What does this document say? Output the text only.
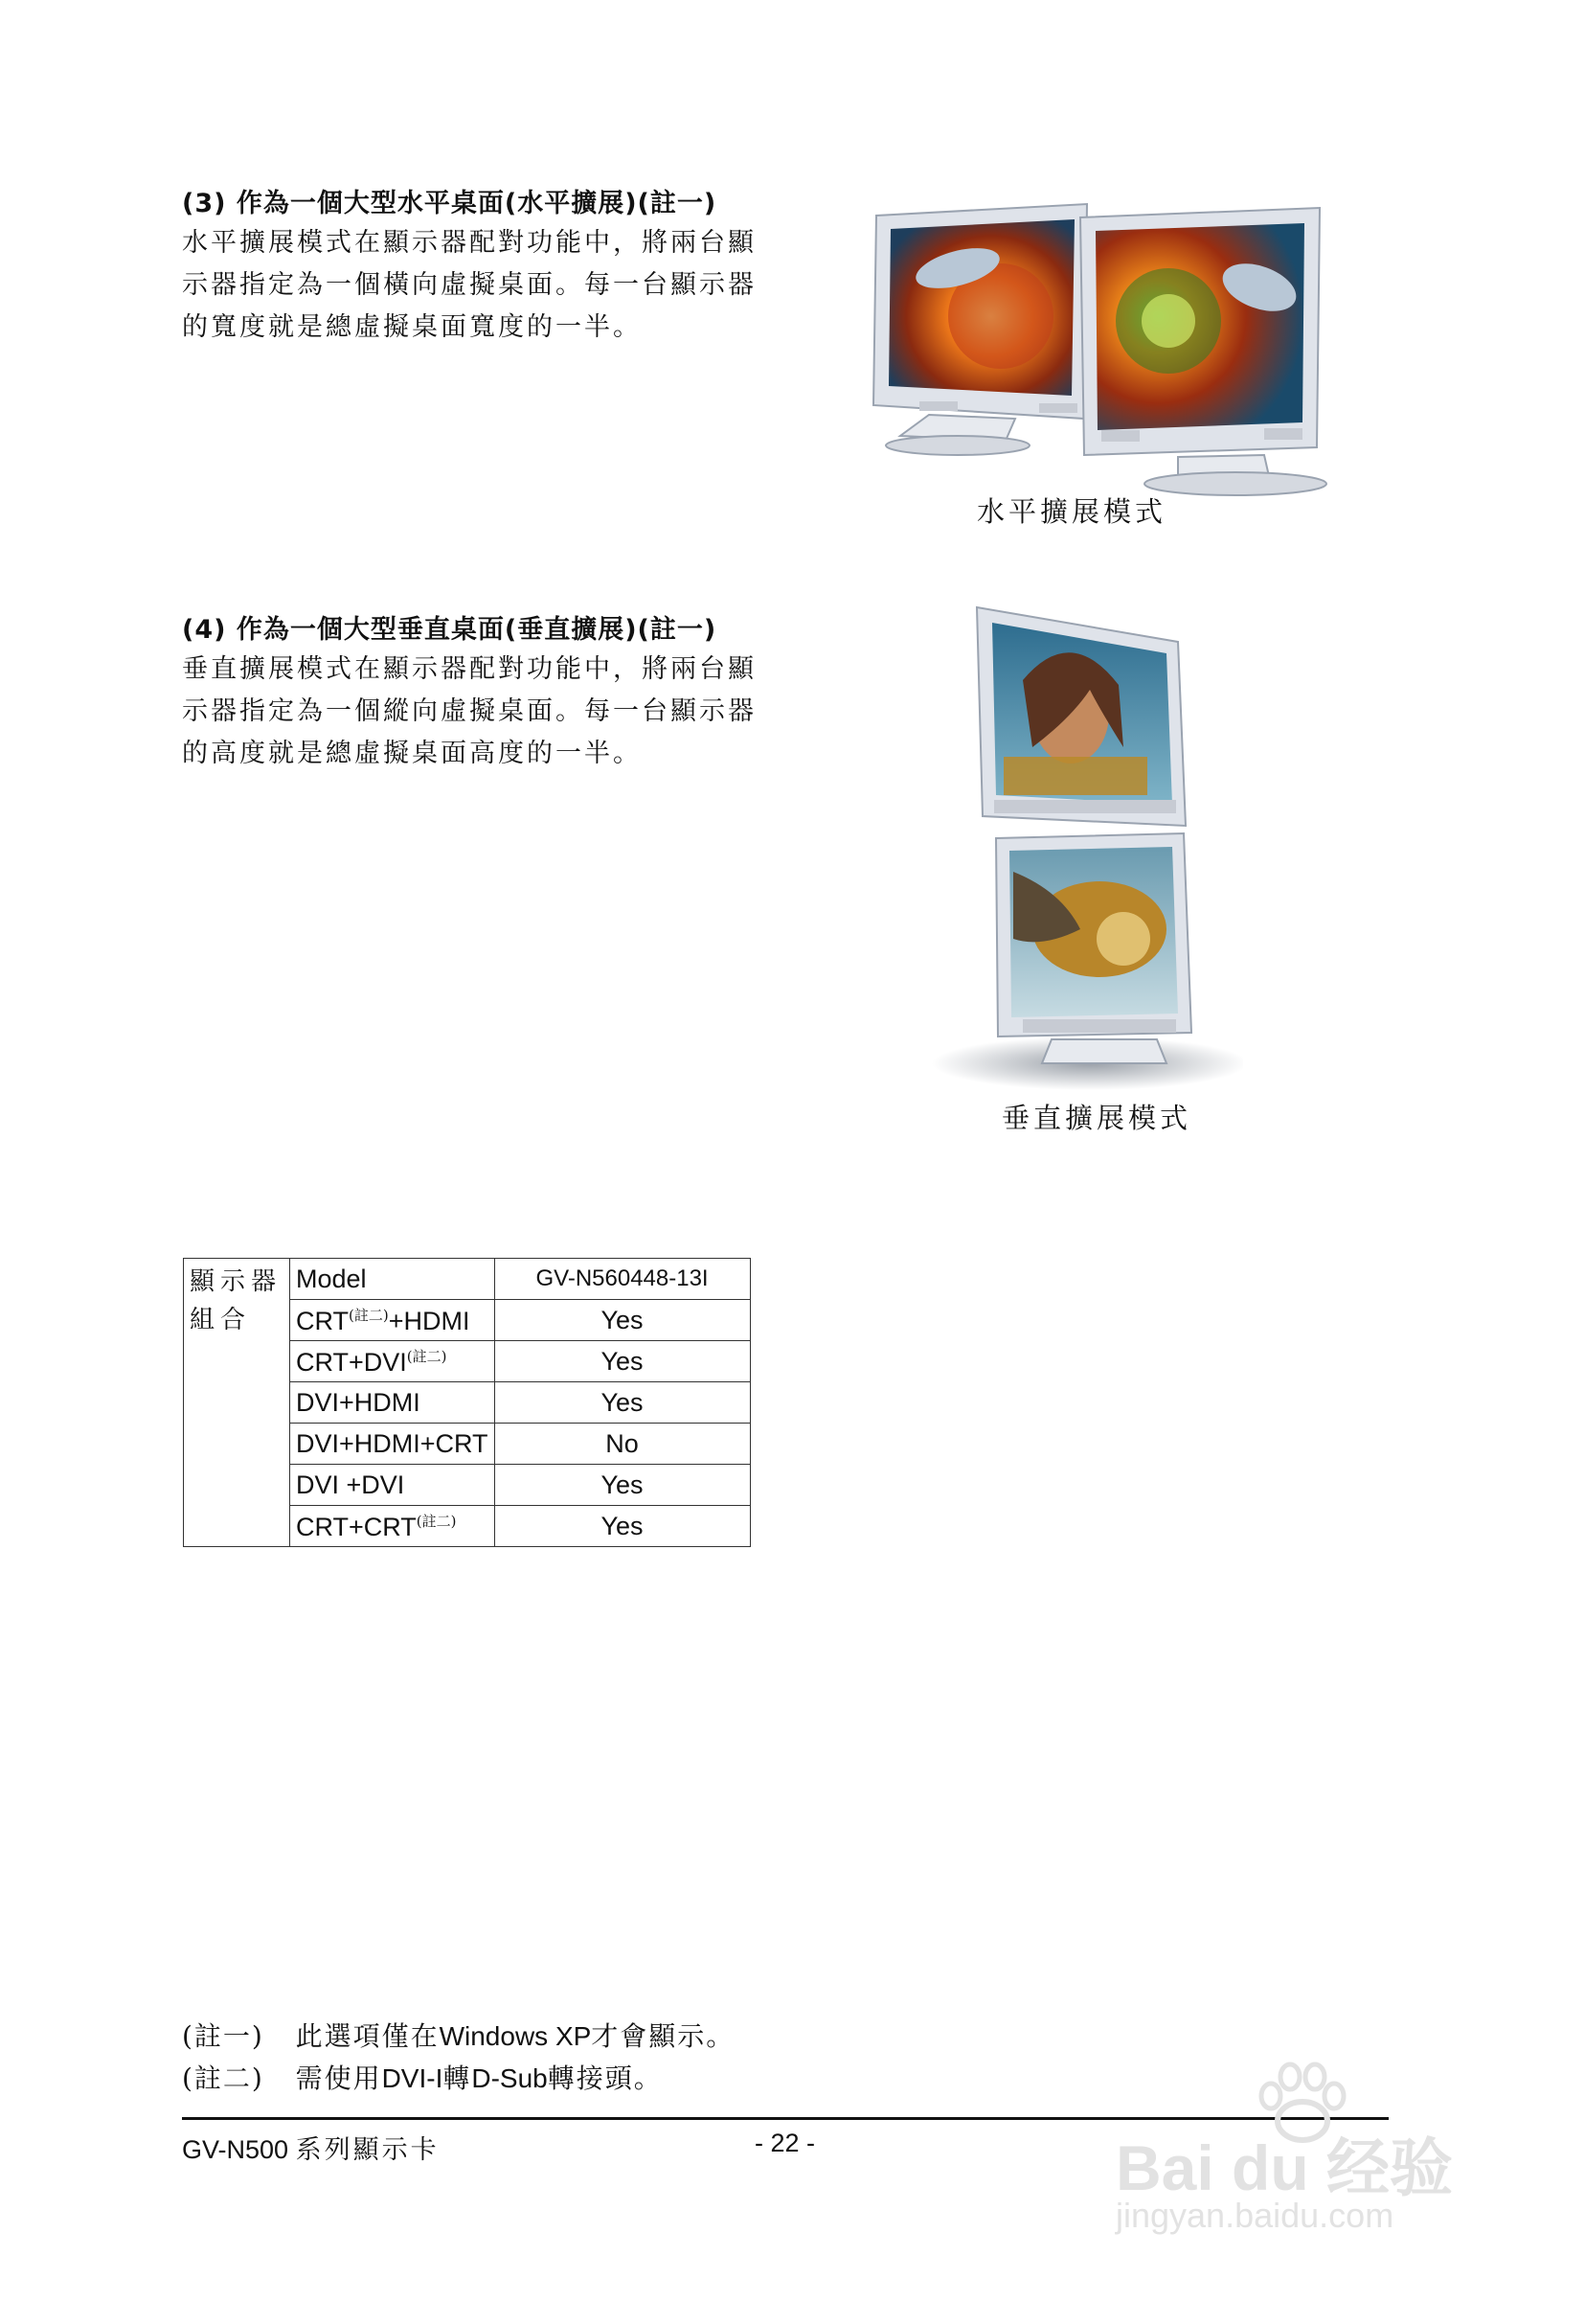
(3) 作為一個大型水平桌面(水平擴展)(註一)
水平擴展模式在顯示器配對功能中，將兩台顯
示器指定為一個橫向虛擬桌面。每一台顯示器
的寬度就是總虛擬桌面寬度的一半。
水平擴展模式
(4) 作為一個大型垂直桌面(垂直擴展)(註一)
垂直擴展模式在顯示器配對功能中，將兩台顯
示器指定為一個縱向虛擬桌面。每一台顯示器
的高度就是總虛擬桌面高度的一半。
垂直擴展模式
顯示器
組合	Model	GV-N560448-13I
	$CRT^{(註二)}+HDMI$	Yes
	$CRT+DVI^{(註二)}$	Yes
	DVI+HDMI	Yes
	DVI+HDMI+CRT	No
	DVI +DVI	Yes
	$CRT+CRT^{(註二)}$	Yes
(註一) 此選項僅在Windows XP才會顯示。
(註二) 需使用DVI-I轉D-Sub轉接頭。
GV-N500 系列顯示卡	- 22 -	Bai du 经验
jingyan.baidu.com
